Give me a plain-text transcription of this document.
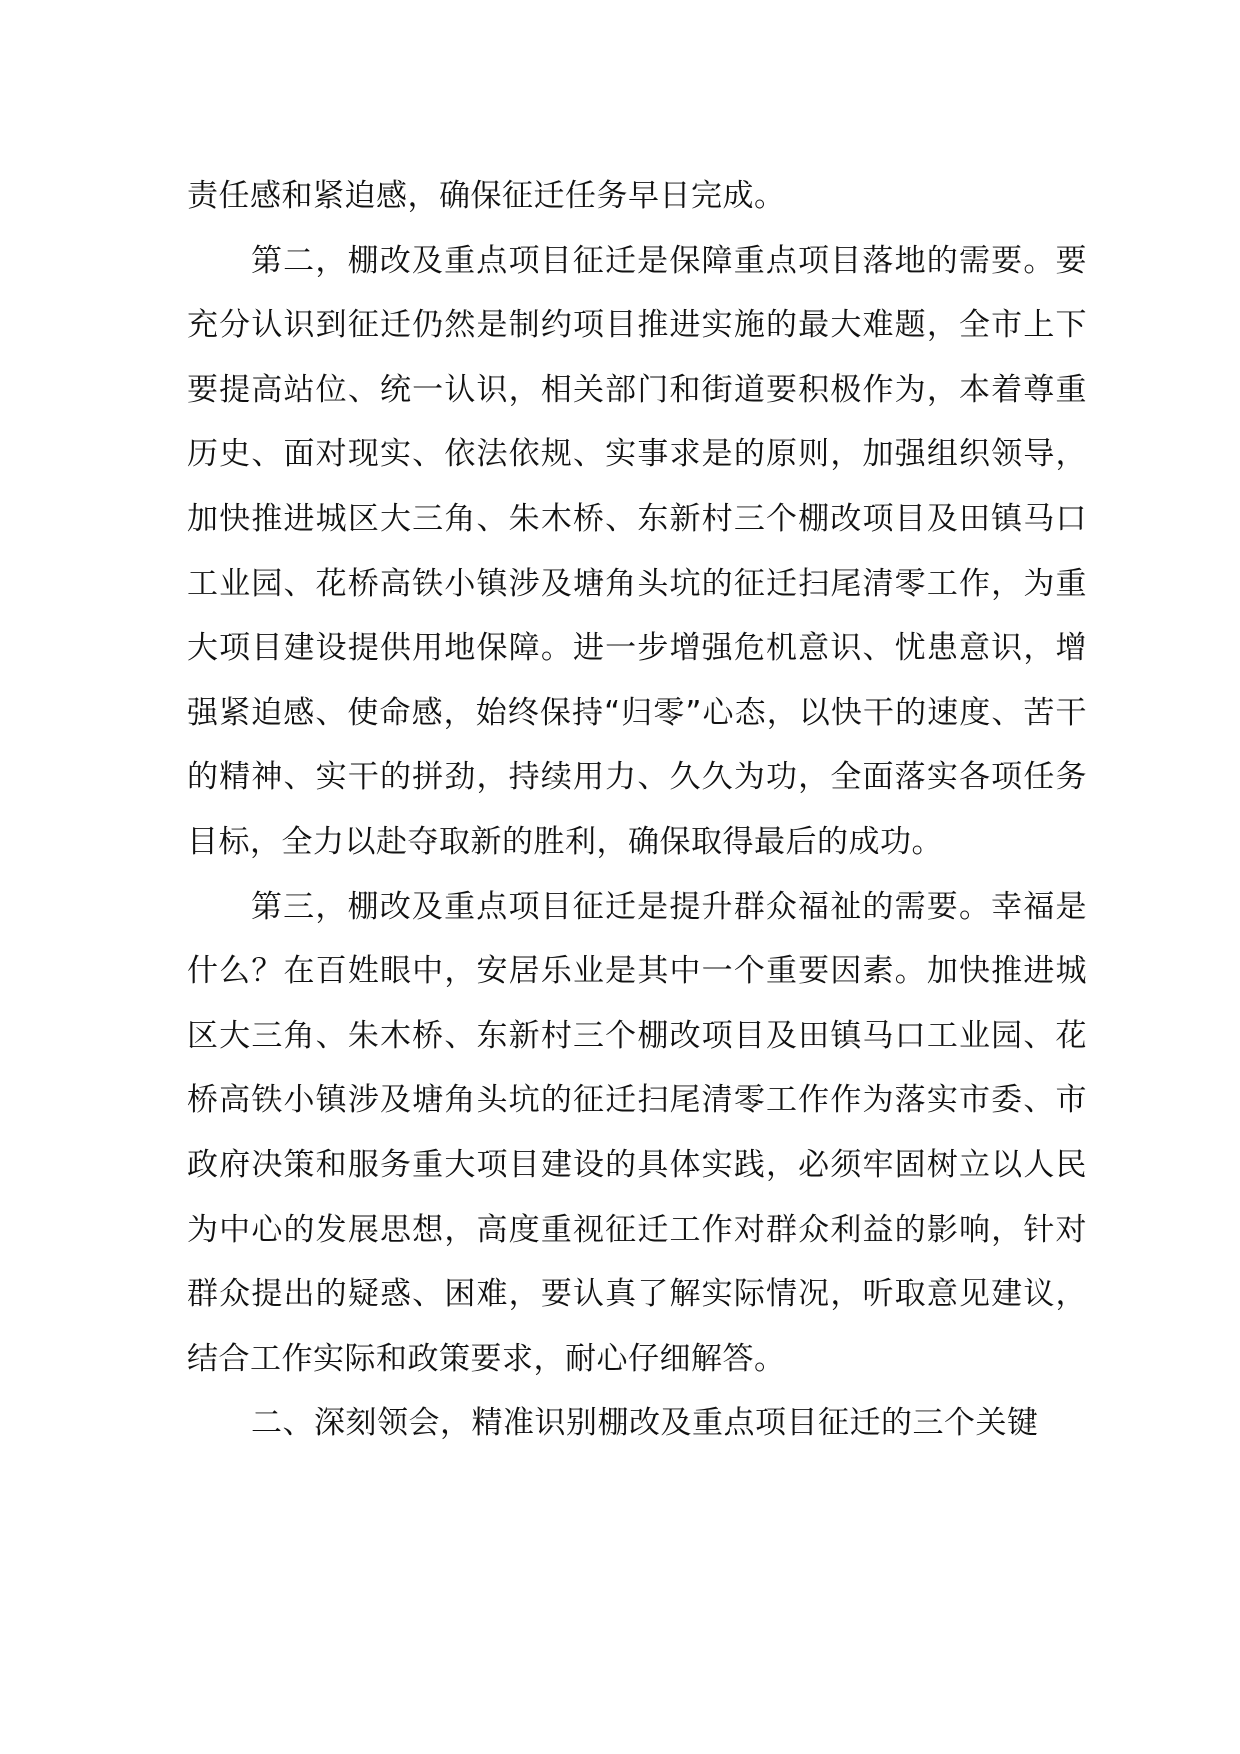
责任感和紧迫感，确保征迁任务早日完成。

第二，棚改及重点项目征迁是保障重点项目落地的需要。要充分认识到征迁仍然是制约项目推进实施的最大难题，全市上下要提高站位、统一认识，相关部门和街道要积极作为，本着尊重历史、面对现实、依法依规、实事求是的原则，加强组织领导，加快推进城区大三角、朱木桥、东新村三个棚改项目及田镇马口工业园、花桥高铁小镇涉及塘角头坑的征迁扫尾清零工作，为重大项目建设提供用地保障。进一步增强危机意识、忧患意识，增强紧迫感、使命感，始终保持“归零”心态，以快干的速度、苦干的精神、实干的拼劲，持续用力、久久为功，全面落实各项任务目标，全力以赴夺取新的胜利，确保取得最后的成功。

第三，棚改及重点项目征迁是提升群众福祉的需要。幸福是什么？在百姓眼中，安居乐业是其中一个重要因素。加快推进城区大三角、朱木桥、东新村三个棚改项目及田镇马口工业园、花桥高铁小镇涉及塘角头坑的征迁扫尾清零工作作为落实市委、市政府决策和服务重大项目建设的具体实践，必须牢固树立以人民为中心的发展思想，高度重视征迁工作对群众利益的影响，针对群众提出的疑惑、困难，要认真了解实际情况，听取意见建议，结合工作实际和政策要求，耐心仔细解答。

二、深刻领会，精准识别棚改及重点项目征迁的三个关键
